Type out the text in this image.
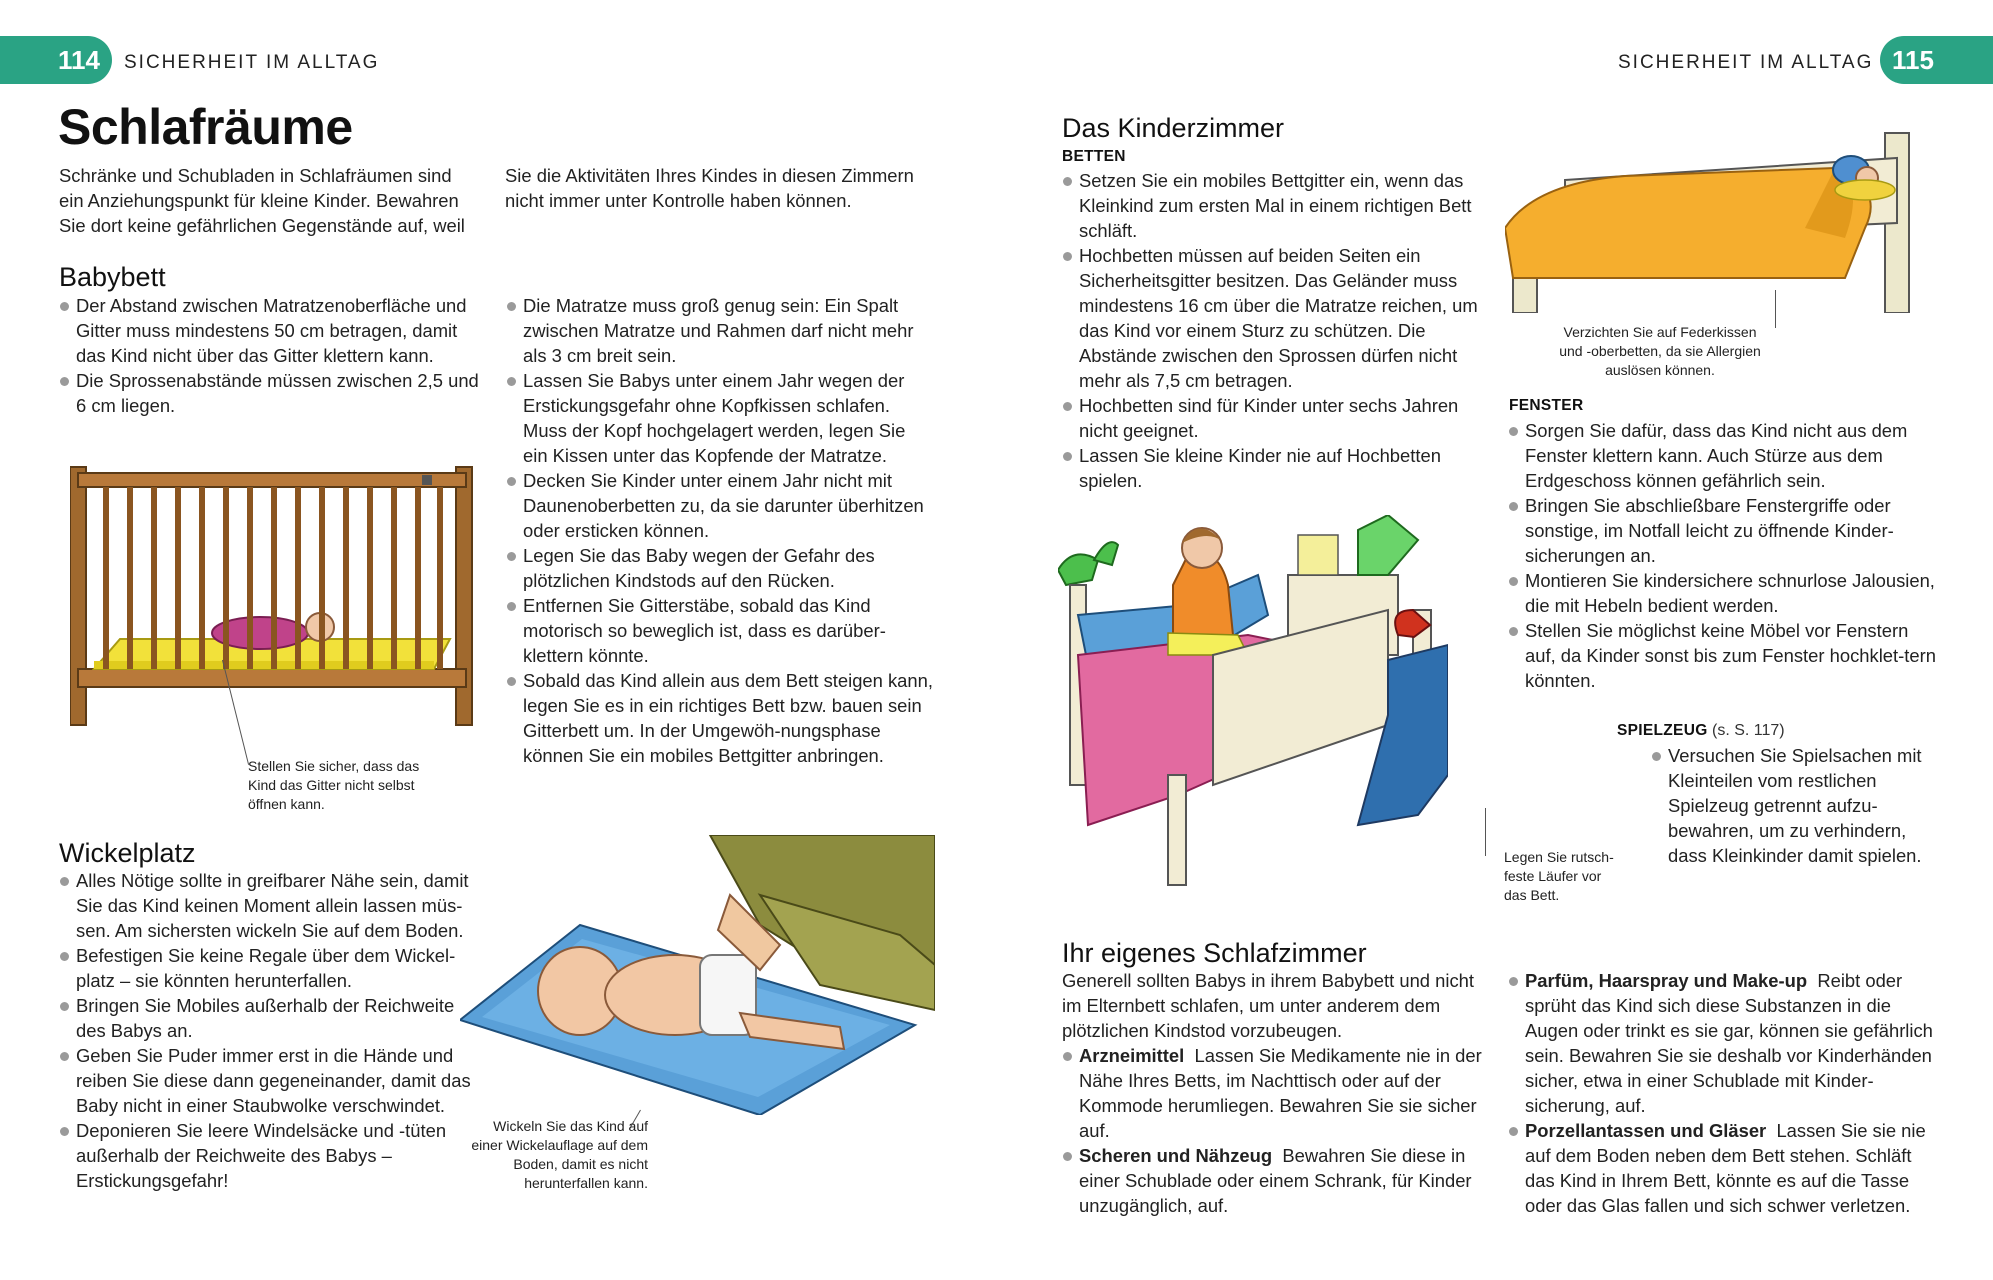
114	SICHERHEIT IM ALLTAG
Schlafräume
Schränke und Schubladen in Schlafräumen sind ein Anziehungspunkt für kleine Kinder. Bewahren Sie dort keine gefährlichen Gegenstände auf, weil
Sie die Aktivitäten Ihres Kindes in diesen Zimmern nicht immer unter Kontrolle haben können.
Babybett
Der Abstand zwischen Matratzenoberfläche und Gitter muss mindestens 50 cm betragen, damit das Kind nicht über das Gitter klettern kann.
Die Sprossenabstände müssen zwischen 2,5 und 6 cm liegen.
Die Matratze muss groß genug sein: Ein Spalt zwischen Matratze und Rahmen darf nicht mehr als 3 cm breit sein.
Lassen Sie Babys unter einem Jahr wegen der Erstickungsgefahr ohne Kopfkissen schlafen. Muss der Kopf hochgelagert werden, legen Sie ein Kissen unter das Kopfende der Matratze.
Decken Sie Kinder unter einem Jahr nicht mit Daunenoberbetten zu, da sie darunter überhitzen oder ersticken können.
Legen Sie das Baby wegen der Gefahr des plötzlichen Kindstods auf den Rücken.
Entfernen Sie Gitterstäbe, sobald das Kind motorisch so beweglich ist, dass es darüber-klettern könnte.
Sobald das Kind allein aus dem Bett steigen kann, legen Sie es in ein richtiges Bett bzw. bauen sein Gitterbett um. In der Umgewöh-nungsphase können Sie ein mobiles Bettgitter anbringen.
Stellen Sie sicher, dass das Kind das Gitter nicht selbst öffnen kann.
Wickelplatz
Alles Nötige sollte in greifbarer Nähe sein, damit Sie das Kind keinen Moment allein lassen müs-sen. Am sichersten wickeln Sie auf dem Boden.
Befestigen Sie keine Regale über dem Wickel-platz – sie könnten herunterfallen.
Bringen Sie Mobiles außerhalb der Reichweite des Babys an.
Geben Sie Puder immer erst in die Hände und reiben Sie diese dann gegeneinander, damit das Baby nicht in einer Staubwolke verschwindet.
Deponieren Sie leere Windelsäcke und -tüten außerhalb der Reichweite des Babys – Erstickungsgefahr!
Wickeln Sie das Kind auf einer Wickelauflage auf dem Boden, damit es nicht herunterfallen kann.
SICHERHEIT IM ALLTAG 115
Das Kinderzimmer
BETTEN
Setzen Sie ein mobiles Bettgitter ein, wenn das Kleinkind zum ersten Mal in einem richtigen Bett schläft.
Hochbetten müssen auf beiden Seiten ein Sicherheitsgitter besitzen. Das Geländer muss mindestens 16 cm über die Matratze reichen, um das Kind vor einem Sturz zu schützen. Die Abstände zwischen den Sprossen dürfen nicht mehr als 7,5 cm betragen.
Hochbetten sind für Kinder unter sechs Jahren nicht geeignet.
Lassen Sie kleine Kinder nie auf Hochbetten spielen.
Verzichten Sie auf Federkissen und -oberbetten, da sie Allergien auslösen können.
FENSTER
Sorgen Sie dafür, dass das Kind nicht aus dem Fenster klettern kann. Auch Stürze aus dem Erdgeschoss können gefährlich sein.
Bringen Sie abschließbare Fenstergriffe oder sonstige, im Notfall leicht zu öffnende Kinder-sicherungen an.
Montieren Sie kindersichere schnurlose Jalousien, die mit Hebeln bedient werden.
Stellen Sie möglichst keine Möbel vor Fenstern auf, da Kinder sonst bis zum Fenster hochklet-tern könnten.
SPIELZEUG (s. S. 117)
Versuchen Sie Spielsachen mit Kleinteilen vom restlichen Spielzeug getrennt aufzu-bewahren, um zu verhindern, dass Kleinkinder damit spielen.
Legen Sie rutsch-feste Läufer vor das Bett.
Ihr eigenes Schlafzimmer
Generell sollten Babys in ihrem Babybett und nicht im Elternbett schlafen, um unter anderem dem plötzlichen Kindstod vorzubeugen.
Arzneimittel Lassen Sie Medikamente nie in der Nähe Ihres Betts, im Nachttisch oder auf der Kommode herumliegen. Bewahren Sie sie sicher auf.
Scheren und Nähzeug Bewahren Sie diese in einer Schublade oder einem Schrank, für Kinder unzugänglich, auf.
Parfüm, Haarspray und Make-up Reibt oder sprüht das Kind sich diese Substanzen in die Augen oder trinkt es sie gar, können sie gefährlich sein. Bewahren Sie sie deshalb vor Kinderhänden sicher, etwa in einer Schublade mit Kinder-sicherung, auf.
Porzellantassen und Gläser Lassen Sie sie nie auf dem Boden neben dem Bett stehen. Schläft das Kind in Ihrem Bett, könnte es auf die Tasse oder das Glas fallen und sich schwer verletzen.
